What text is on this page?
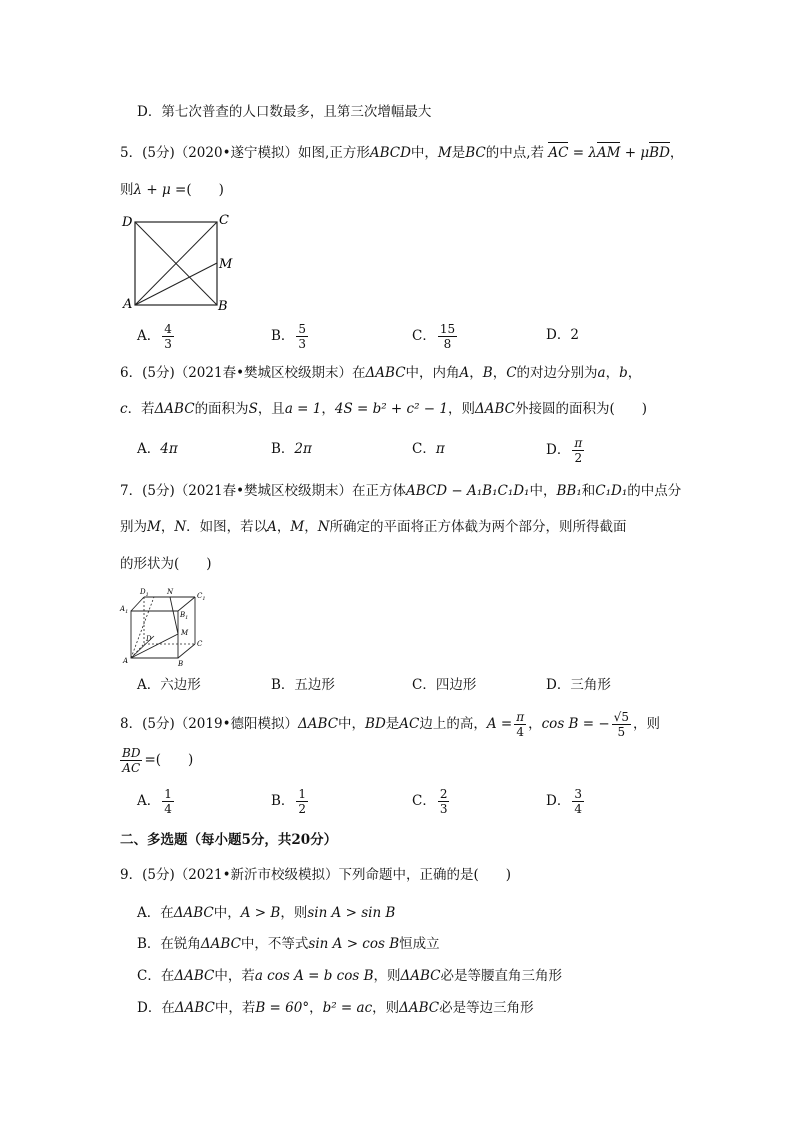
D．第七次普查的人口数最多，且第三次增幅最大
5．(5分)（2020•遂宁模拟）如图,正方形ABCD中，M是BC的中点,若 AC = λAM + μBD，
则λ + μ =(　　)
D	C
M
A	B
A． $\frac{4}{3}$	B． $\frac{5}{3}$	C． $\frac{15}{8}$	D．2
6．(5分)（2021春•樊城区校级期末）在ΔABC中，内角A，B，C的对边分别为a，b，
c．若ΔABC的面积为S，且a = 1，4S = b² + c² − 1，则ΔABC外接圆的面积为(　　)
A．4π	B．2π	C．π	D． $\frac{\pi}{2}$
7．(5分)（2021春•樊城区校级期末）在正方体ABCD − A₁B₁C₁D₁中，BB₁和C₁D₁的中点分
别为M，N．如图，若以A，M，N所确定的平面将正方体截为两个部分，则所得截面
的形状为(　　)
$D_1$	N	$C_1$
$A_1$	$B_1$
D
M
C
A	B
A．六边形	B．五边形	C．四边形	D．三角形
8．(5分)（2019•德阳模拟）ΔABC中，BD是AC边上的高，$A = \frac{\pi}{4}$ ，cos B = − $\frac{√5}{5}$ ，则
$\frac{BD}{AC}$ =(　　)
A． $\frac{1}{4}$	B． $\frac{1}{2}$	C． $\frac{2}{3}$	D． $\frac{3}{4}$
二、多选题（每小题5分，共20分）
9．(5分)（2021•新沂市校级模拟）下列命题中，正确的是(　　)
A．在ΔABC中，A > B，则sin A > sin B
B．在锐角ΔABC中，不等式sin A > cos B恒成立
C．在ΔABC中，若a cos A = b cos B，则ΔABC必是等腰直角三角形
D．在ΔABC中，若B = 60°，b² = ac，则ΔABC必是等边三角形
